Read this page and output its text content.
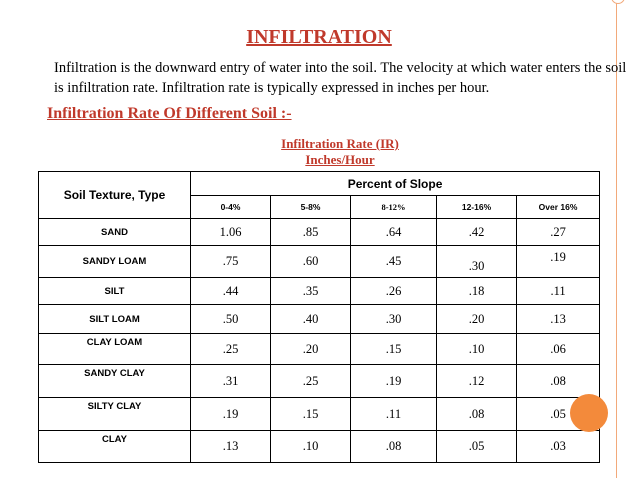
INFILTRATION
Infiltration is the downward entry of water into the soil. The velocity at which water enters the soil is infiltration rate. Infiltration rate is typically expressed in inches per hour.
Infiltration Rate Of Different Soil :-
Infiltration Rate (IR)
Inches/Hour
Soil Texture, Type	Percent of Slope				
	0-4%	5-8%	8-12%	12-16%	Over 16%
SAND	1.06	.85	.64	.42	.27
SANDY LOAM	.75	.60	.45	.30	.19
SILT	.44	.35	.26	.18	.11
SILT LOAM	.50	.40	.30	.20	.13
CLAY LOAM	.25	.20	.15	.10	.06
SANDY CLAY	.31	.25	.19	.12	.08
SILTY CLAY	.19	.15	.11	.08	.05
CLAY	.13	.10	.08	.05	.03
